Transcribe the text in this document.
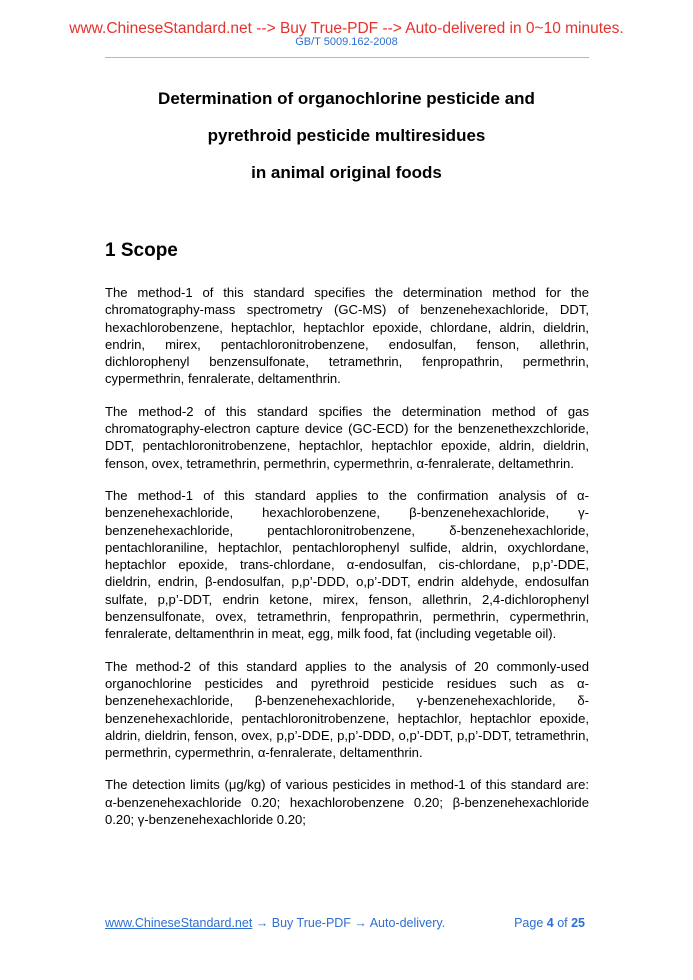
www.ChineseStandard.net --> Buy True-PDF --> Auto-delivered in 0~10 minutes.
GB/T 5009.162-2008
Determination of organochlorine pesticide and
pyrethroid pesticide multiresidues
in animal original foods
1 Scope

The method-1 of this standard specifies the determination method for the chromatography-mass spectrometry (GC-MS) of benzenehexachloride, DDT, hexachlorobenzene, heptachlor, heptachlor epoxide, chlordane, aldrin, dieldrin, endrin, mirex, pentachloronitrobenzene, endosulfan, fenson, allethrin, dichlorophenyl benzensulfonate, tetramethrin, fenpropathrin, permethrin, cypermethrin, fenralerate, deltamenthrin.

The method-2 of this standard spcifies the determination method of gas chromatography-electron capture device (GC-ECD) for the benzenethexzchloride, DDT, pentachloronitrobenzene, heptachlor, heptachlor epoxide, aldrin, dieldrin, fenson, ovex, tetramethrin, permethrin, cypermethrin, α-fenralerate, deltamethrin.

The method-1 of this standard applies to the confirmation analysis of α-benzenehexachloride, hexachlorobenzene, β-benzenehexachloride, γ-benzenehexachloride, pentachloronitrobenzene, δ-benzenehexachloride, pentachloraniline, heptachlor, pentachlorophenyl sulfide, aldrin, oxychlordane, heptachlor epoxide, trans-chlordane, α-endosulfan, cis-chlordane, p,p’-DDE, dieldrin, endrin, β-endosulfan, p,p’-DDD, o,p’-DDT, endrin aldehyde, endosulfan sulfate, p,p’-DDT, endrin ketone, mirex, fenson, allethrin, 2,4-dichlorophenyl benzensulfonate, ovex, tetramethrin, fenpropathrin, permethrin, cypermethrin, fenralerate, deltamenthrin in meat, egg, milk food, fat (including vegetable oil).

The method-2 of this standard applies to the analysis of 20 commonly-used organochlorine pesticides and pyrethroid pesticide residues such as α-benzenehexachloride, β-benzenehexachloride, γ-benzenehexachloride, δ-benzenehexachloride, pentachloronitrobenzene, heptachlor, heptachlor epoxide, aldrin, dieldrin, fenson, ovex, p,p’-DDE, p,p’-DDD, o,p’-DDT, p,p’-DDT, tetramethrin, permethrin, cypermethrin, α-fenralerate, deltamenthrin.

The detection limits (μg/kg) of various pesticides in method-1 of this standard are: α-benzenehexachloride 0.20; hexachlorobenzene 0.20; β-benzenehexachloride 0.20; γ-benzenehexachloride 0.20;

www.ChineseStandard.net → Buy True-PDF → Auto-delivery.	Page 4 of 25
